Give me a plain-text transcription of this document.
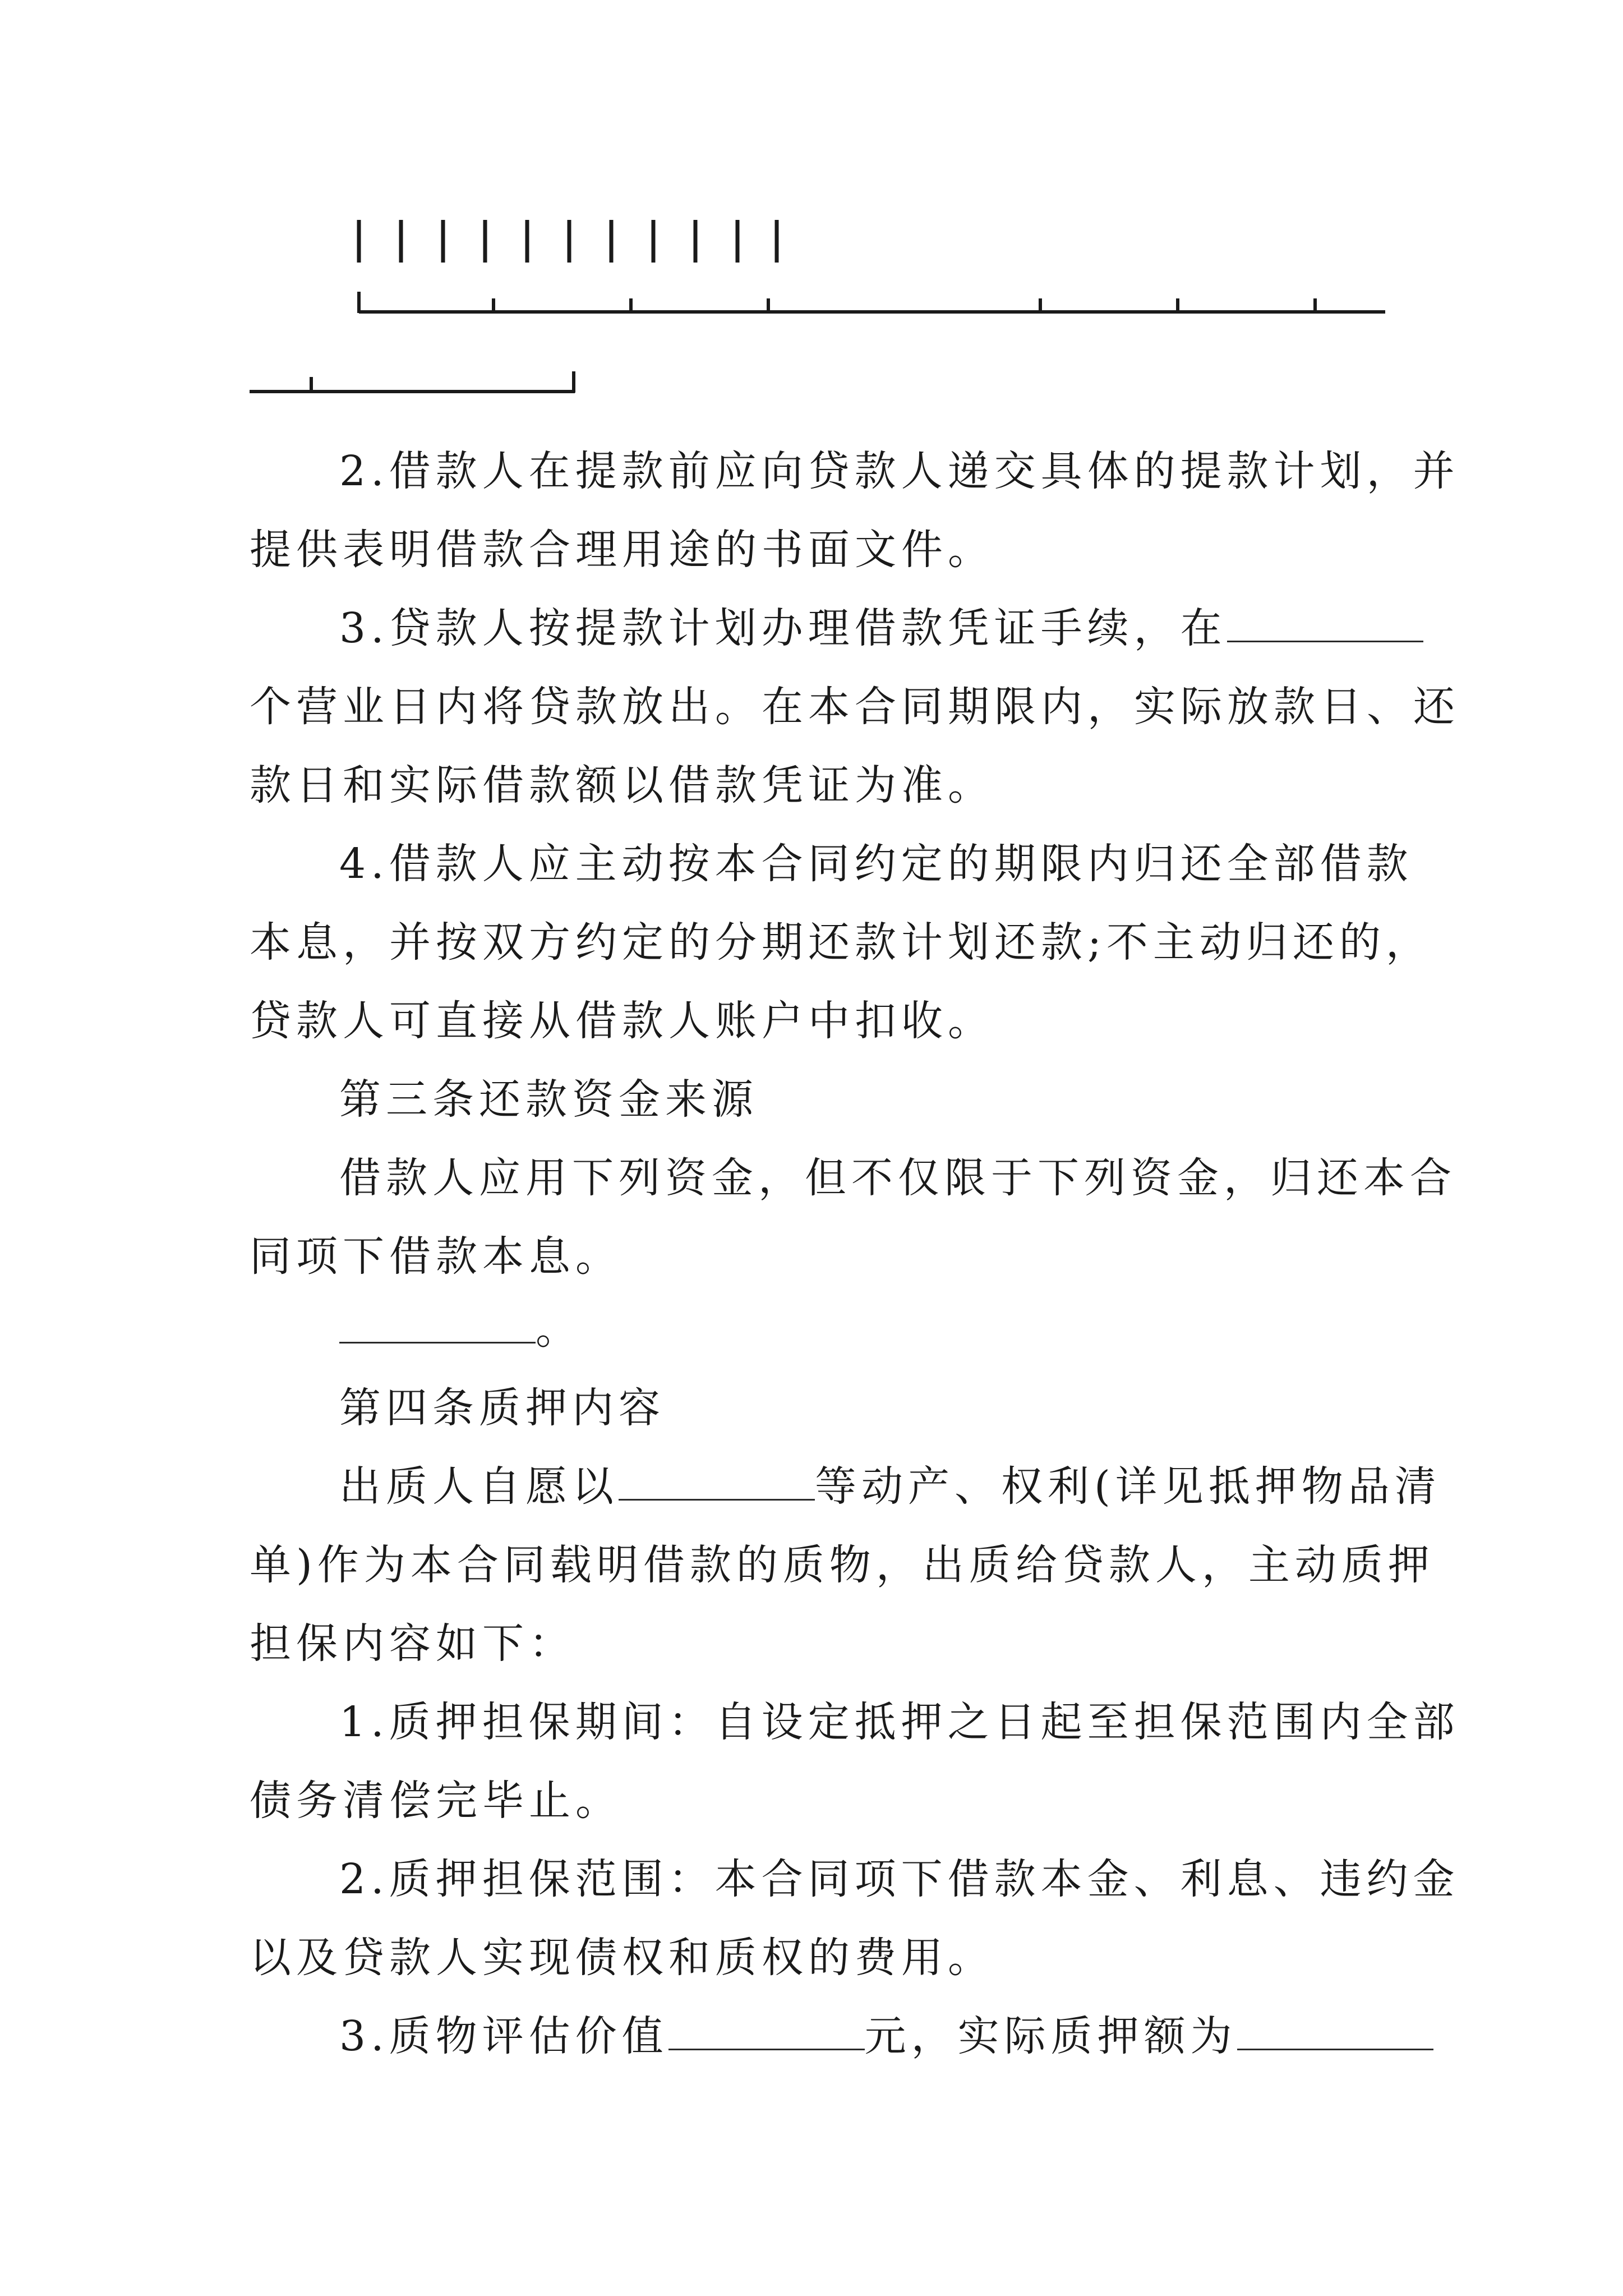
2.借款人在提款前应向贷款人递交具体的提款计划，并
提供表明借款合理用途的书面文件。
3.贷款人按提款计划办理借款凭证手续，在
个营业日内将贷款放出。在本合同期限内，实际放款日、还
款日和实际借款额以借款凭证为准。
4.借款人应主动按本合同约定的期限内归还全部借款
本息，并按双方约定的分期还款计划还款;不主动归还的，
贷款人可直接从借款人账户中扣收。
第三条还款资金来源
借款人应用下列资金，但不仅限于下列资金，归还本合
同项下借款本息。
。
第四条质押内容
出质人自愿以	等动产、权利(详见抵押物品清
单)作为本合同载明借款的质物，出质给贷款人，主动质押
担保内容如下：
1.质押担保期间：自设定抵押之日起至担保范围内全部
债务清偿完毕止。
2.质押担保范围：本合同项下借款本金、利息、违约金
以及贷款人实现债权和质权的费用。
3.质物评估价值	元，实际质押额为
